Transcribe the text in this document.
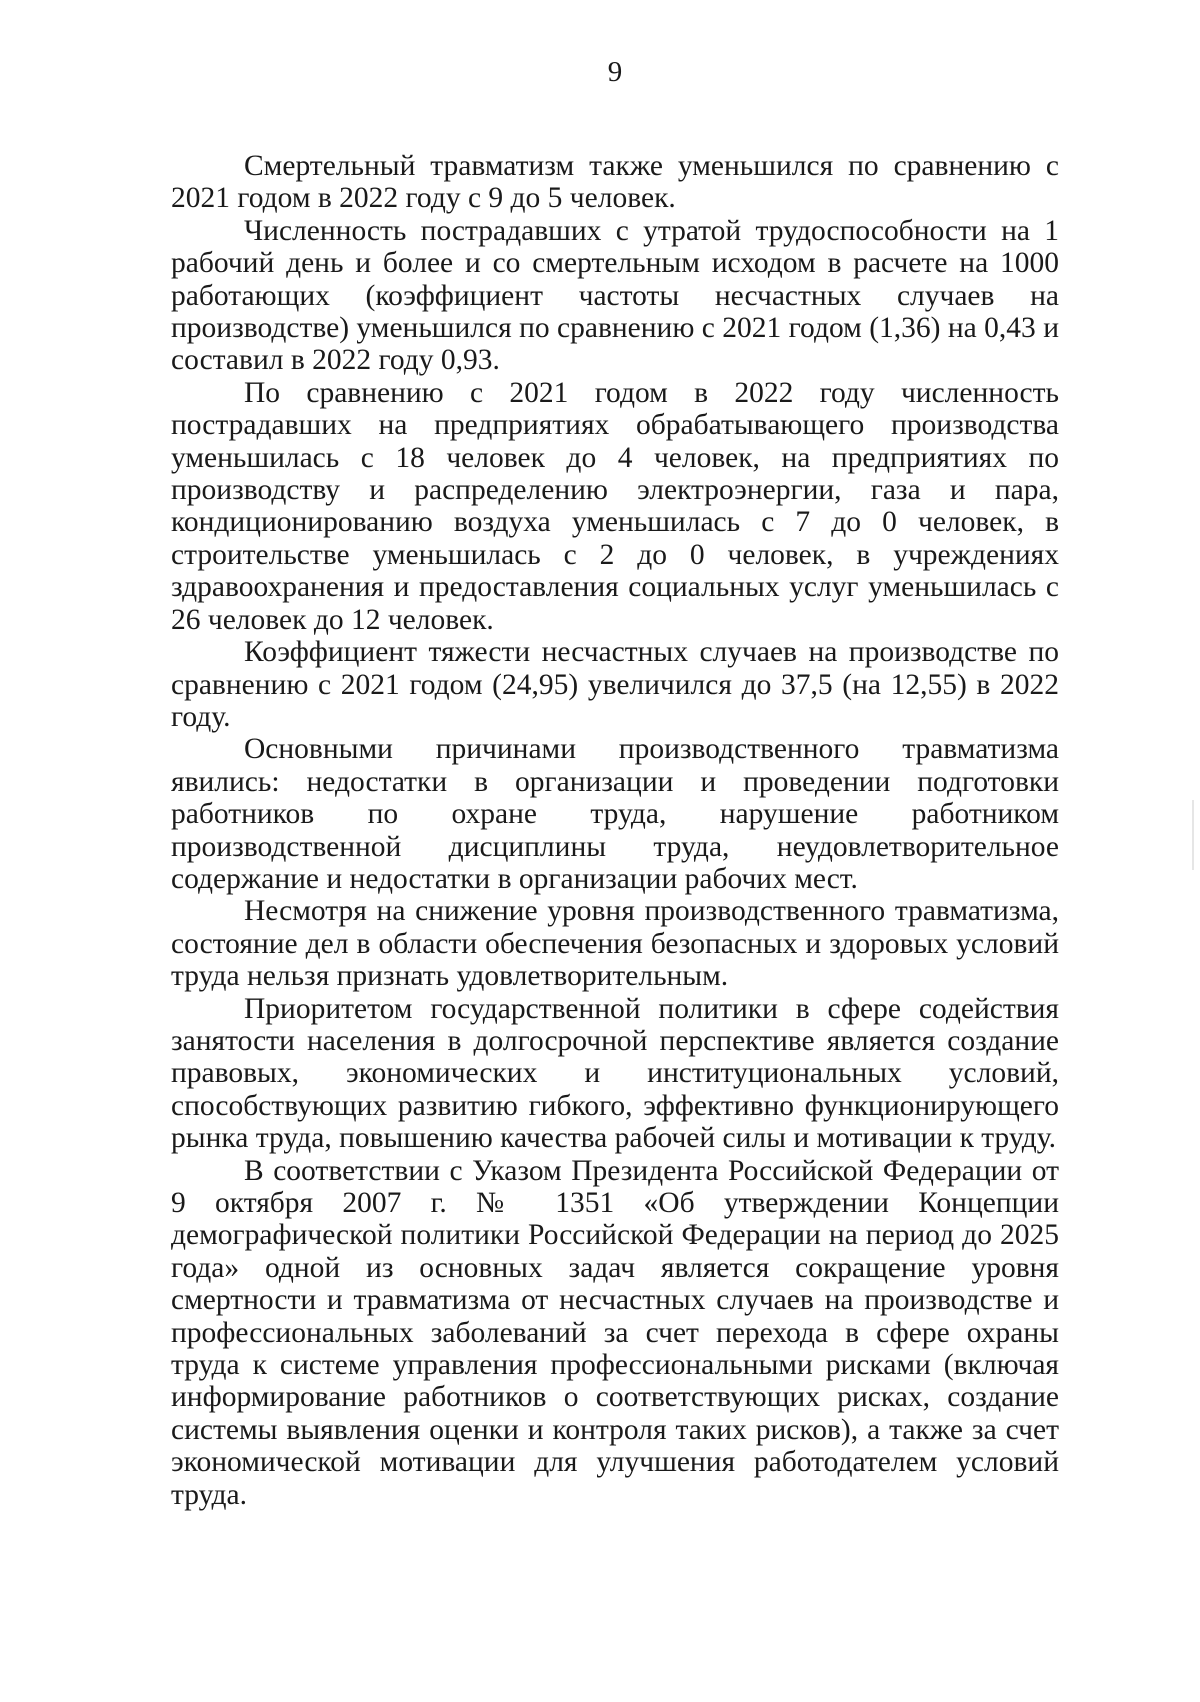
9

Смертельный травматизм также уменьшился по сравнению с 2021 годом в 2022 году с 9 до 5 человек.

Численность пострадавших с утратой трудоспособности на 1 рабочий день и более и со смертельным исходом в расчете на 1000 работающих (коэффициент частоты несчастных случаев на производстве) уменьшился по сравнению с 2021 годом (1,36) на 0,43 и составил в 2022 году 0,93.

По сравнению с 2021 годом в 2022 году численность пострадавших на предприятиях обрабатывающего производства уменьшилась с 18 человек до 4 человек, на предприятиях по производству и распределению электроэнергии, газа и пара, кондиционированию воздуха уменьшилась с 7 до 0 человек, в строительстве уменьшилась с 2 до 0 человек, в учреждениях здравоохранения и предоставления социальных услуг уменьшилась с 26 человек до 12 человек.

Коэффициент тяжести несчастных случаев на производстве по сравнению с 2021 годом (24,95) увеличился до 37,5 (на 12,55) в 2022 году.

Основными причинами производственного травматизма явились: недостатки в организации и проведении подготовки работников по охране труда, нарушение работником производственной дисциплины труда, неудовлетворительное содержание и недостатки в организации рабочих мест.

Несмотря на снижение уровня производственного травматизма, состояние дел в области обеспечения безопасных и здоровых условий труда нельзя признать удовлетворительным.

Приоритетом государственной политики в сфере содействия занятости населения в долгосрочной перспективе является создание правовых, экономических и институциональных условий, способствующих развитию гибкого, эффективно функционирующего рынка труда, повышению качества рабочей силы и мотивации к труду.

В соответствии с Указом Президента Российской Федерации от 9 октября 2007 г. № 1351 «Об утверждении Концепции демографической политики Российской Федерации на период до 2025 года» одной из основных задач является сокращение уровня смертности и травматизма от несчастных случаев на производстве и профессиональных заболеваний за счет перехода в сфере охраны труда к системе управления профессиональными рисками (включая информирование работников о соответствующих рисках, создание системы выявления оценки и контроля таких рисков), а также за счет экономической мотивации для улучшения работодателем условий труда.
